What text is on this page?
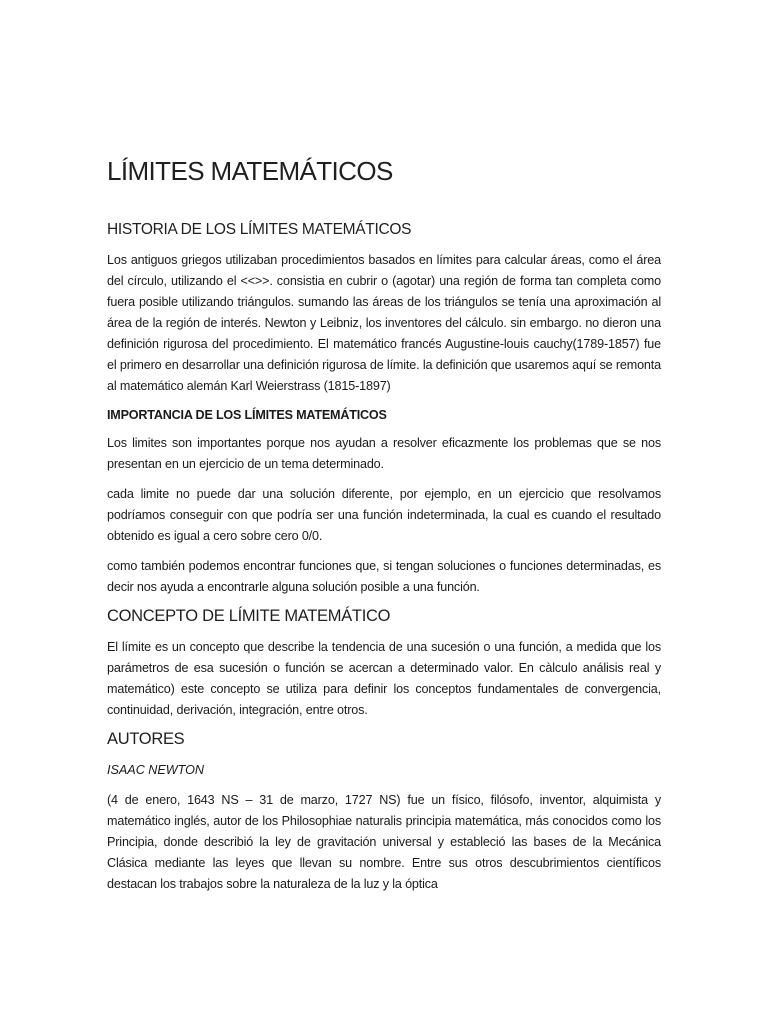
LÍMITES MATEMÁTICOS
HISTORIA DE LOS LÍMITES MATEMÁTICOS

Los antiguos griegos utilizaban procedimientos basados en límites para calcular áreas, como el área del círculo, utilizando el <<>>. consistia en cubrir o (agotar) una región de forma tan completa como fuera posible utilizando triángulos. sumando las áreas de los triángulos se tenía una aproximación al área de la región de interés. Newton y Leibniz, los inventores del cálculo. sin embargo. no dieron una definición rigurosa del procedimiento. El matemático francés Augustine-louis cauchy(1789-1857) fue el primero en desarrollar una definición rigurosa de límite. la definición que usaremos aquí se remonta al matemático alemán Karl Weierstrass (1815-1897)

IMPORTANCIA DE LOS LÍMITES MATEMÁTICOS

Los limites son importantes porque nos ayudan a resolver eficazmente los problemas que se nos presentan en un ejercicio de un tema determinado.

cada limite no puede dar una solución diferente, por ejemplo, en un ejercicio que resolvamos podríamos conseguir con que podría ser una función indeterminada, la cual es cuando el resultado obtenido es igual a cero sobre cero 0/0.

como también podemos encontrar funciones que, si tengan soluciones o funciones determinadas, es decir nos ayuda a encontrarle alguna solución posible a una función.

CONCEPTO DE LÍMITE MATEMÁTICO

El límite es un concepto que describe la tendencia de una sucesión o una función, a medida que los parámetros de esa sucesión o función se acercan a determinado valor. En càlculo análisis real y matemático) este concepto se utiliza para definir los conceptos fundamentales de convergencia, continuidad, derivación, integración, entre otros.

AUTORES
ISAAC NEWTON

(4 de enero, 1643 NS – 31 de marzo, 1727 NS) fue un físico, filósofo, inventor, alquimista y matemático inglés, autor de los Philosophiae naturalis principia matemática, más conocidos como los Principia, donde describió la ley de gravitación universal y estableció las bases de la Mecánica Clásica mediante las leyes que llevan su nombre. Entre sus otros descubrimientos científicos destacan los trabajos sobre la naturaleza de la luz y la óptica
